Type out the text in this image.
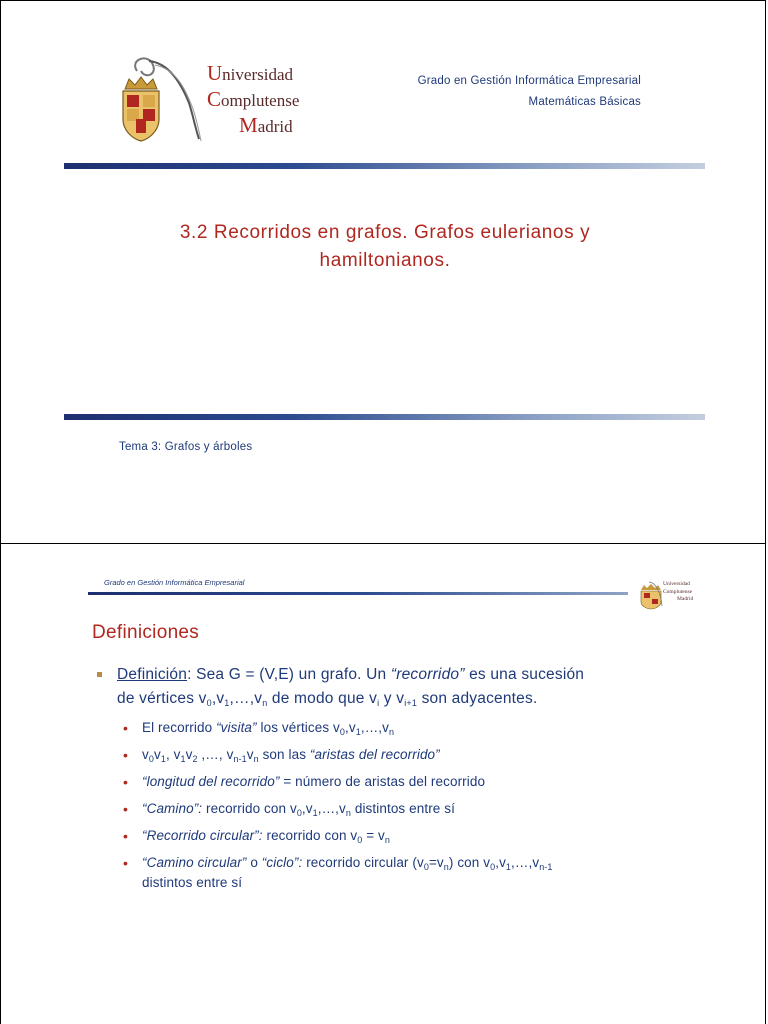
Universidad
Complutense
Madrid
Grado en Gestión Informática Empresarial
Matemáticas Básicas
3.2 Recorridos en grafos. Grafos eulerianos y
hamiltonianos.
Tema 3: Grafos y árboles
Grado en Gestión Informática Empresarial	Universidad
Complutense
Madrid
Definiciones
Definición: Sea G = (V,E) un grafo. Un “recorrido” es una sucesión
de vértices $v_0,v_1,\dots,v_n$ de modo que $v_i$ y $v_{i+1}$ son adyacentes.
• El recorrido “visita” los vértices $v_0,v_1,\dots,v_n$
• $v_0v_1$, $v_1v_2$ ,…, $v_{n-1}v_n$ son las “aristas del recorrido”
• “longitud del recorrido” = número de aristas del recorrido
• “Camino”: recorrido con $v_0,v_1,\dots,v_n$ distintos entre sí
• “Recorrido circular”: recorrido con $v_0 = v_n$
• “Camino circular” o “ciclo”: recorrido circular $(v_0=v_n)$ con $v_0,v_1,\dots,v_{n-1}$
distintos entre sí
